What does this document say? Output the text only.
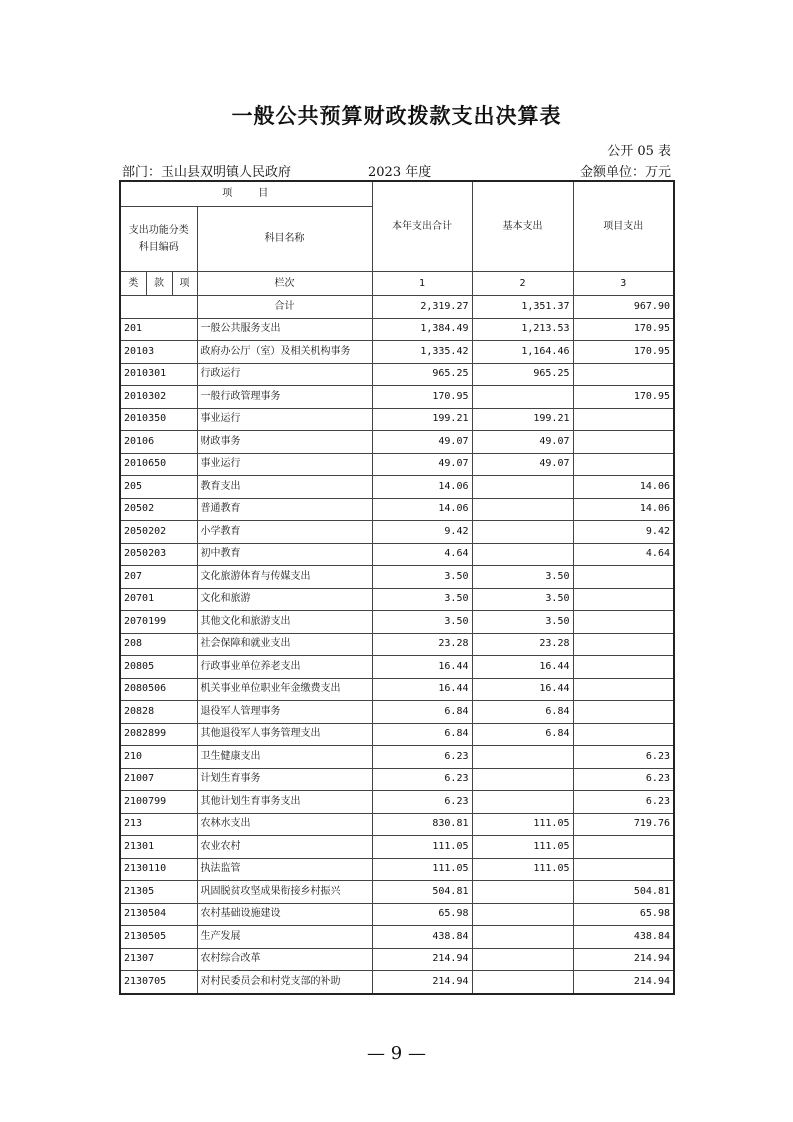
一般公共预算财政拨款支出决算表
公开 05 表
部门：玉山县双明镇人民政府	2023 年度	金额单位：万元
项　　目				本年支出合计	基本支出	项目支出
支出功能分类科目编码			科目名称			
类	款	项				
			栏次	1	2	3
			合计	2,319.27	1,351.37	967.90
201			一般公共服务支出	1,384.49	1,213.53	170.95
20103			政府办公厅（室）及相关机构事务	1,335.42	1,164.46	170.95
2010301			行政运行	965.25	965.25	
2010302			一般行政管理事务	170.95		170.95
2010350			事业运行	199.21	199.21	
20106			财政事务	49.07	49.07	
2010650			事业运行	49.07	49.07	
205			教育支出	14.06		14.06
20502			普通教育	14.06		14.06
2050202			小学教育	9.42		9.42
2050203			初中教育	4.64		4.64
207			文化旅游体育与传媒支出	3.50	3.50	
20701			文化和旅游	3.50	3.50	
2070199			其他文化和旅游支出	3.50	3.50	
208			社会保障和就业支出	23.28	23.28	
20805			行政事业单位养老支出	16.44	16.44	
2080506			机关事业单位职业年金缴费支出	16.44	16.44	
20828			退役军人管理事务	6.84	6.84	
2082899			其他退役军人事务管理支出	6.84	6.84	
210			卫生健康支出	6.23		6.23
21007			计划生育事务	6.23		6.23
2100799			其他计划生育事务支出	6.23		6.23
213			农林水支出	830.81	111.05	719.76
21301			农业农村	111.05	111.05	
2130110			执法监管	111.05	111.05	
21305			巩固脱贫攻坚成果衔接乡村振兴	504.81		504.81
2130504			农村基础设施建设	65.98		65.98
2130505			生产发展	438.84		438.84
21307			农村综合改革	214.94		214.94
2130705			对村民委员会和村党支部的补助	214.94		214.94
— 9 —
